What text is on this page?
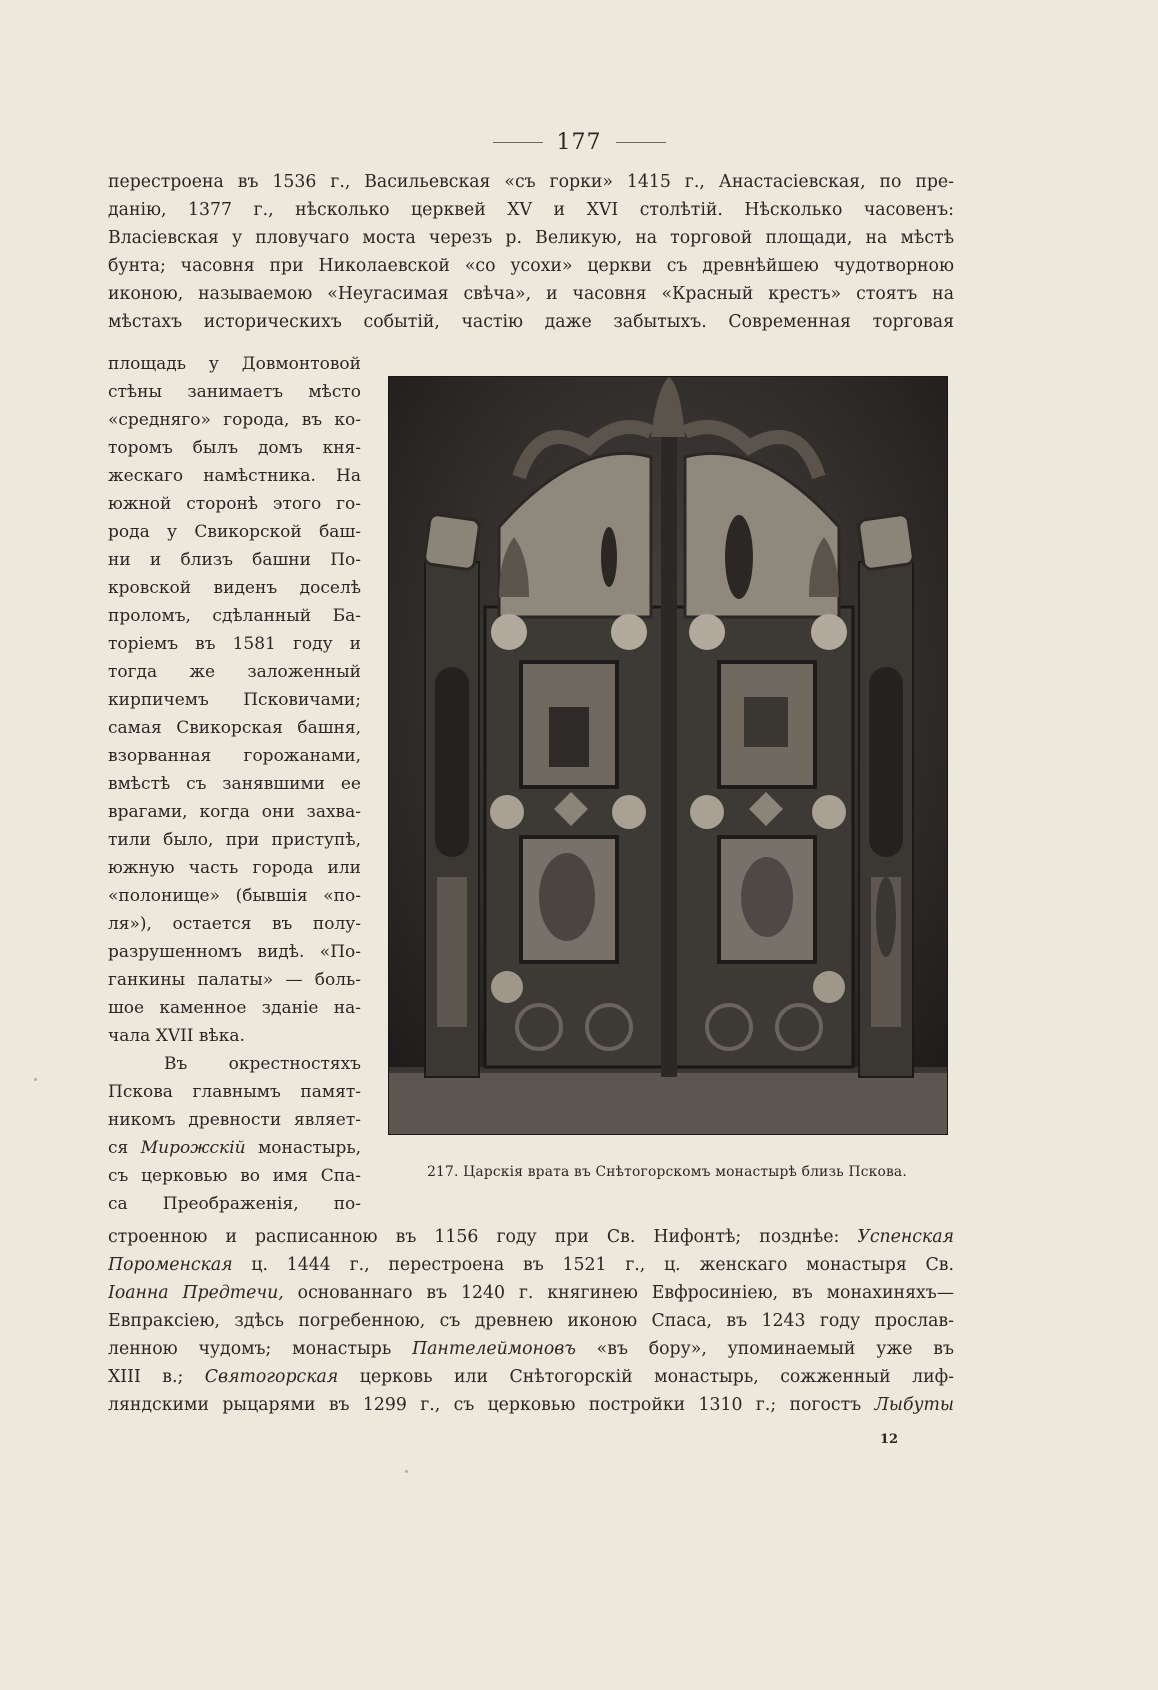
177
перестроена въ 1536 г., Васильевская «съ горки» 1415 г., Анастасіевская, по пре-
данію, 1377 г., нѣсколько церквей XV и XVI столѣтій. Нѣсколько часовенъ:
Власіевская у пловучаго моста черезъ р. Великую, на торговой площади, на мѣстѣ
бунта; часовня при Николаевской «со усохи» церкви съ древнѣйшею чудотворною
иконою, называемою «Неугасимая свѣча», и часовня «Красный крестъ» стоятъ на
мѣстахъ историческихъ событій, частію даже забытыхъ. Современная торговая
площадь у Довмонтовой
стѣны занимаетъ мѣсто
«средняго» города, въ ко-
торомъ былъ домъ кня-
жескаго намѣстника. На
южной сторонѣ этого го-
рода у Свикорской баш-
ни и близъ башни По-
кровской виденъ доселѣ
проломъ, сдѣланный Ба-
торіемъ въ 1581 году и
тогда же заложенный
кирпичемъ Псковичами;
самая Свикорская башня,
взорванная горожанами,
вмѣстѣ съ занявшими ее
врагами, когда они захва-
тили было, при приступѣ,
южную часть города или
«полонище» (бывшія «по-
ля»), остается въ полу-
разрушенномъ видѣ. «По-
ганкины палаты» — боль-
шое каменное зданіе на-
чала XVII вѣка.
Въ окрестностяхъ
Пскова главнымъ памят-
никомъ древности являет-
ся Мирожскій монастырь,
съ церковью во имя Спа-
са Преображенія, по-
217. Царскія врата въ Снѣтогорскомъ монастырѣ близь Пскова.
строенною и расписанною въ 1156 году при Св. Нифонтѣ; позднѣе: Успенская
Пороменская ц. 1444 г., перестроена въ 1521 г., ц. женскаго монастыря Св.
Іоанна Предтечи, основаннаго въ 1240 г. княгинею Евфросиніею, въ монахиняхъ—
Евпраксіею, здѣсь погребенною, съ древнею иконою Спаса, въ 1243 году прослав-
ленною чудомъ; монастырь Пантелеймоновъ «въ бору», упоминаемый уже въ
XIII в.; Святогорская церковь или Снѣтогорскій монастырь, сожженный лиф-
ляндскими рыцарями въ 1299 г., съ церковью постройки 1310 г.; погостъ Лыбуты
12
